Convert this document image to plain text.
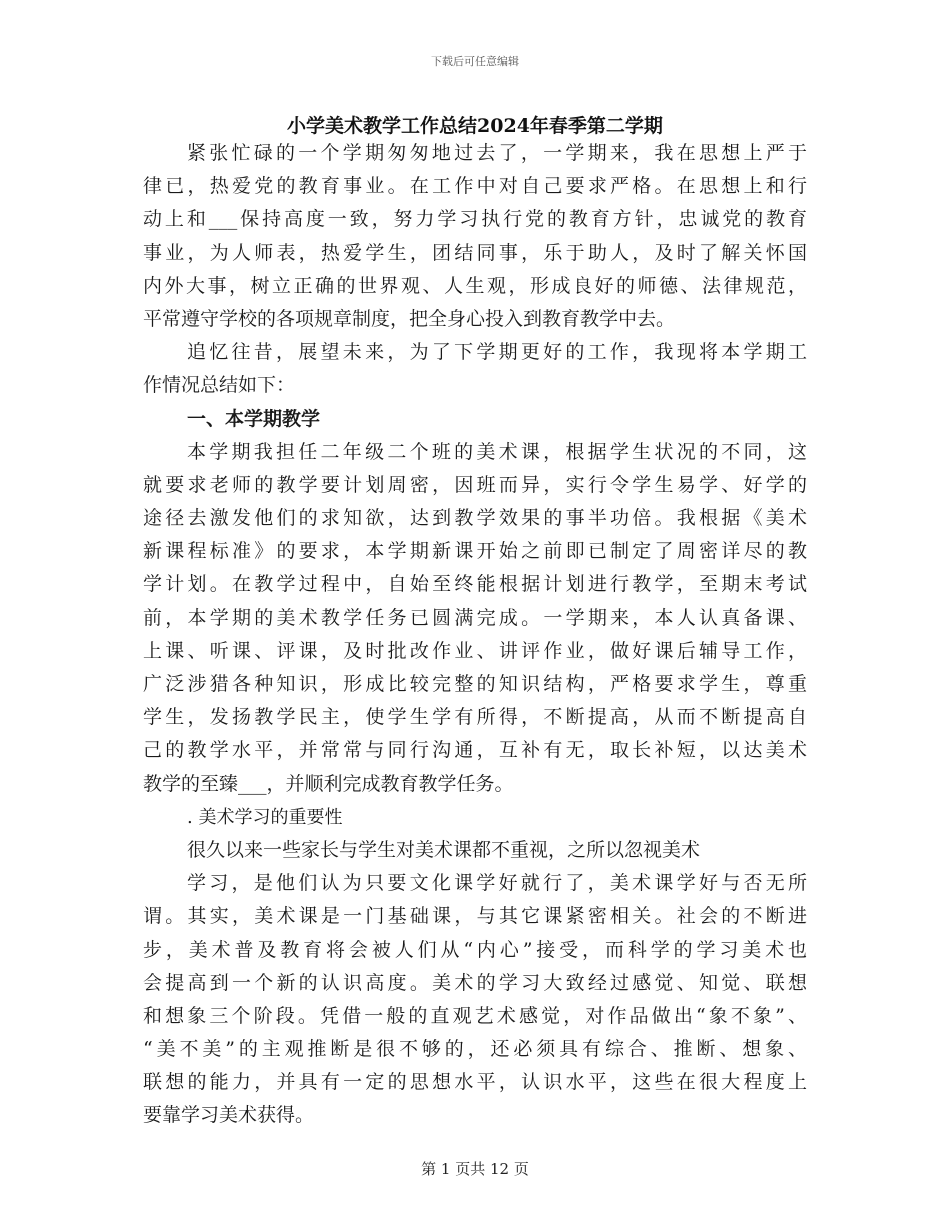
下载后可任意编辑
小学美术教学工作总结2024年春季第二学期
紧张忙碌的一个学期匆匆地过去了，一学期来，我在思想上严于
律已，热爱党的教育事业。在工作中对自己要求严格。在思想上和行
动上和___保持高度一致，努力学习执行党的教育方针，忠诚党的教育
事业，为人师表，热爱学生，团结同事，乐于助人，及时了解关怀国
内外大事，树立正确的世界观、人生观，形成良好的师德、法律规范，
平常遵守学校的各项规章制度，把全身心投入到教育教学中去。
追忆往昔，展望未来，为了下学期更好的工作，我现将本学期工
作情况总结如下：
一、本学期教学
本学期我担任二年级二个班的美术课，根据学生状况的不同，这
就要求老师的教学要计划周密，因班而异，实行令学生易学、好学的
途径去激发他们的求知欲，达到教学效果的事半功倍。我根据《美术
新课程标准》的要求，本学期新课开始之前即已制定了周密详尽的教
学计划。在教学过程中，自始至终能根据计划进行教学，至期末考试
前，本学期的美术教学任务已圆满完成。一学期来，本人认真备课、
上课、听课、评课，及时批改作业、讲评作业，做好课后辅导工作，
广泛涉猎各种知识，形成比较完整的知识结构，严格要求学生，尊重
学生，发扬教学民主，使学生学有所得，不断提高，从而不断提高自
己的教学水平，并常常与同行沟通，互补有无，取长补短，以达美术
教学的至臻___，并顺利完成教育教学任务。
. 美术学习的重要性
很久以来一些家长与学生对美术课都不重视，之所以忽视美术
学习，是他们认为只要文化课学好就行了，美术课学好与否无所
谓。其实，美术课是一门基础课，与其它课紧密相关。社会的不断进
步，美术普及教育将会被人们从“内心”接受，而科学的学习美术也
会提高到一个新的认识高度。美术的学习大致经过感觉、知觉、联想
和想象三个阶段。凭借一般的直观艺术感觉，对作品做出“象不象”、
“美不美”的主观推断是很不够的，还必须具有综合、推断、想象、
联想的能力，并具有一定的思想水平，认识水平，这些在很大程度上
要靠学习美术获得。
第 1 页共 12 页
